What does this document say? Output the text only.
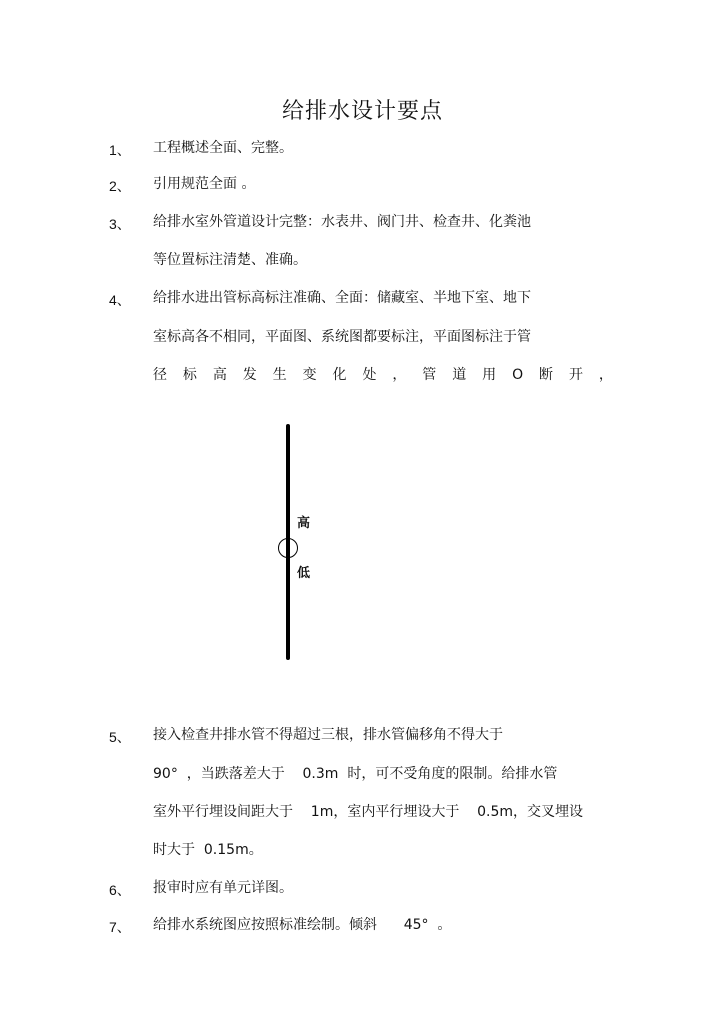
给排水设计要点
1、 工程概述全面、完整。
2、 引用规范全面 。
3、 给排水室外管道设计完整：水表井、阀门井、检查井、化粪池
等位置标注清楚、准确。
4、 给排水进出管标高标注准确、全面：储藏室、半地下室、地下
室标高各不相同，平面图、系统图都要标注，平面图标注于管
径 标 高 发 生 变 化 处 ， 管 道 用 O 断 开 ，
高
低
5、 接入检查井排水管不得超过三根，排水管偏移角不得大于
90°  ，当跌落差大于    0.3m  时，可不受角度的限制。给排水管
室外平行埋设间距大于    1m，室内平行埋设大于    0.5m，交叉埋设
时大于  0.15m。
6、 报审时应有单元详图。
7、 给排水系统图应按照标准绘制。倾斜      45°  。
